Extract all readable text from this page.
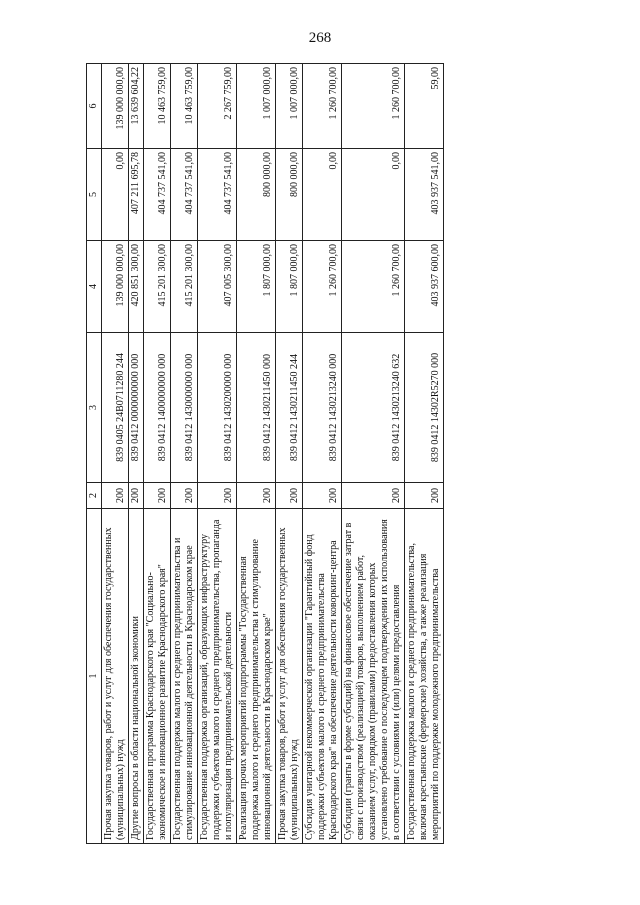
268
1	2	3	4	5	6
Прочая закупка товаров, работ и услуг для обеспечения государственных (муниципальных) нужд	200	839 0405 24В0711280 244	139 000 000,00	0,00	139 000 000,00
Другие вопросы в области национальной экономики	200	839 0412 0000000000 000	420 851 300,00	407 211 695,78	13 639 604,22
Государственная программа Краснодарского края "Социально-экономическое и инновационное развитие Краснодарского края"	200	839 0412 1400000000 000	415 201 300,00	404 737 541,00	10 463 759,00
Государственная поддержка малого и среднего предпринимательства и стимулирование инновационной деятельности в Краснодарском крае	200	839 0412 1430000000 000	415 201 300,00	404 737 541,00	10 463 759,00
Государственная поддержка организаций, образующих инфраструктуру поддержки субъектов малого и среднего предпринимательства, пропаганда и популяризация предпринимательской деятельности	200	839 0412 1430200000 000	407 005 300,00	404 737 541,00	2 267 759,00
Реализация прочих мероприятий подпрограммы "Государственная поддержка малого и среднего предпринимательства и стимулирование инновационной деятельности в Краснодарском крае"	200	839 0412 1430211450 000	1 807 000,00	800 000,00	1 007 000,00
Прочая закупка товаров, работ и услуг для обеспечения государственных (муниципальных) нужд	200	839 0412 1430211450 244	1 807 000,00	800 000,00	1 007 000,00
Субсидия унитарной некоммерческой организации "Гарантийный фонд поддержки субъектов малого и среднего предпринимательства Краснодарского края" на обеспечение деятельности коворкинг-центра	200	839 0412 1430213240 000	1 260 700,00	0,00	1 260 700,00
Субсидии (гранты в форме субсидий) на финансовое обеспечение затрат в связи с производством (реализацией) товаров, выполнением работ, оказанием услуг, порядком (правилами) предоставления которых установлено требование о последующем подтверждении их использования в соответствии с условиями и (или) целями предоставления	200	839 0412 1430213240 632	1 260 700,00	0,00	1 260 700,00
Государственная поддержка малого и среднего предпринимательства, включая крестьянские (фермерские) хозяйства, а также реализация мероприятий по поддержке молодежного предпринимательства	200	839 0412 14302R5270 000	403 937 600,00	403 937 541,00	59,00
